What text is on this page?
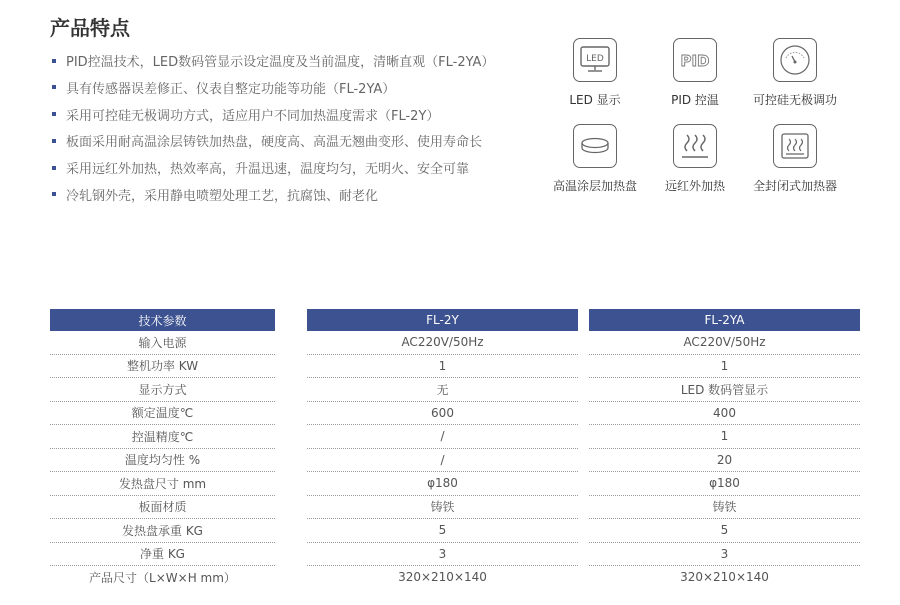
产品特点
PID控温技术，LED数码管显示设定温度及当前温度，清晰直观（FL-2YA）
具有传感器误差修正、仪表自整定功能等功能（FL-2YA）
采用可控硅无极调功方式，适应用户不同加热温度需求（FL-2Y）
板面采用耐高温涂层铸铁加热盘，硬度高、高温无翘曲变形、使用寿命长
采用远红外加热，热效率高，升温迅速，温度均匀，无明火、安全可靠
冷轧钢外壳，采用静电喷塑处理工艺，抗腐蚀、耐老化
LED
LED 显示
PID
PID 控温	可控硅无极调功
高温涂层加热盘 远红外加热 全封闭式加热器
技术参数		FL-2Y		FL-2YA
输入电源		AC220V/50Hz		AC220V/50Hz
整机功率 KW		1		1
显示方式		无		LED 数码管显示
额定温度℃		600		400
控温精度℃		/		1
温度均匀性 %		/		20
发热盘尺寸 mm		φ180		φ180
板面材质		铸铁		铸铁
发热盘承重 KG		5		5
净重 KG		3		3
产品尺寸（L×W×H mm）		320×210×140		320×210×140
